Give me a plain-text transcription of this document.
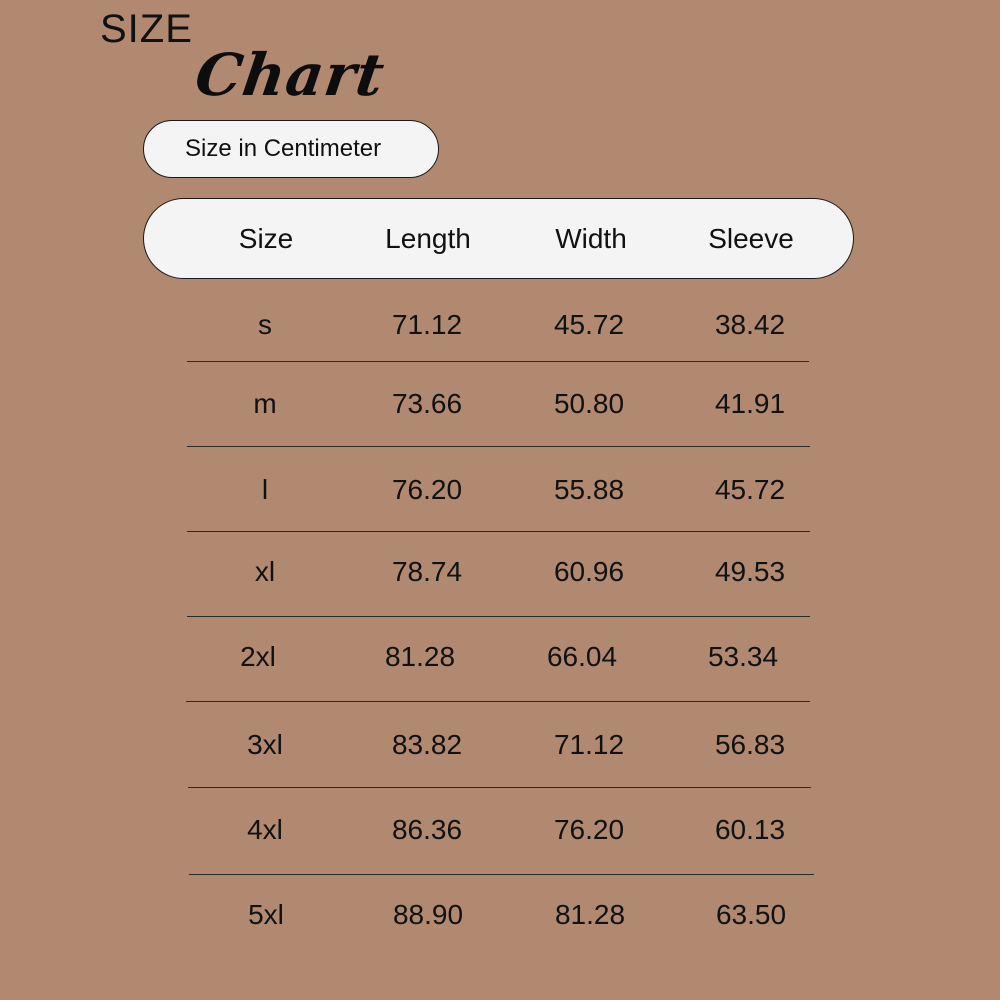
SIZE
Chart
Size in Centimeter
Size	Length	Width	Sleeve
s	71.12	45.72	38.42
m	73.66	50.80	41.91
l	76.20	55.88	45.72
xl	78.74	60.96	49.53
2xl	81.28	66.04	53.34
3xl	83.82	71.12	56.83
4xl	86.36	76.20	60.13
5xl	88.90	81.28	63.50
